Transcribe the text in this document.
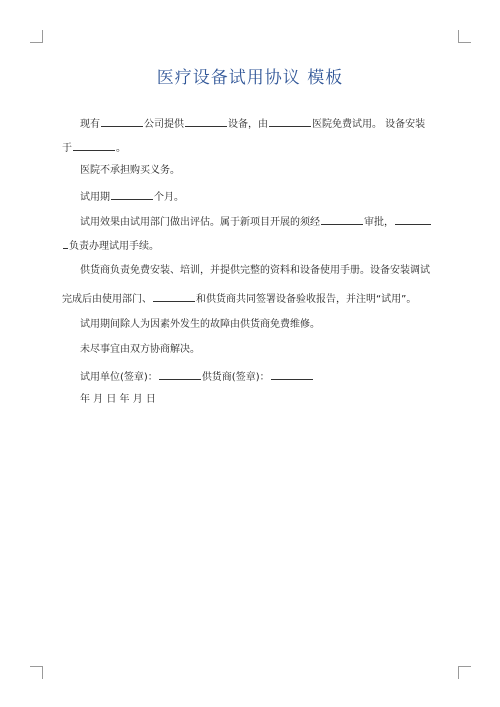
医疗设备试用协议 模板
现有	公司提供	设备，由	医院免费试用。 设备安装
于	。
医院不承担购买义务。
试用期	个月。
试用效果由试用部门做出评估。属于新项目开展的须经	审批，
负责办理试用手续。
供货商负责免费安装、培训，并提供完整的资料和设备使用手册。设备安装调试
完成后由使用部门、	和供货商共同签署设备验收报告，并注明“试用”。
试用期间除人为因素外发生的故障由供货商免费维修。
未尽事宜由双方协商解决。
试用单位(签章)：	供货商(签章)：
年 月 日 年 月 日
